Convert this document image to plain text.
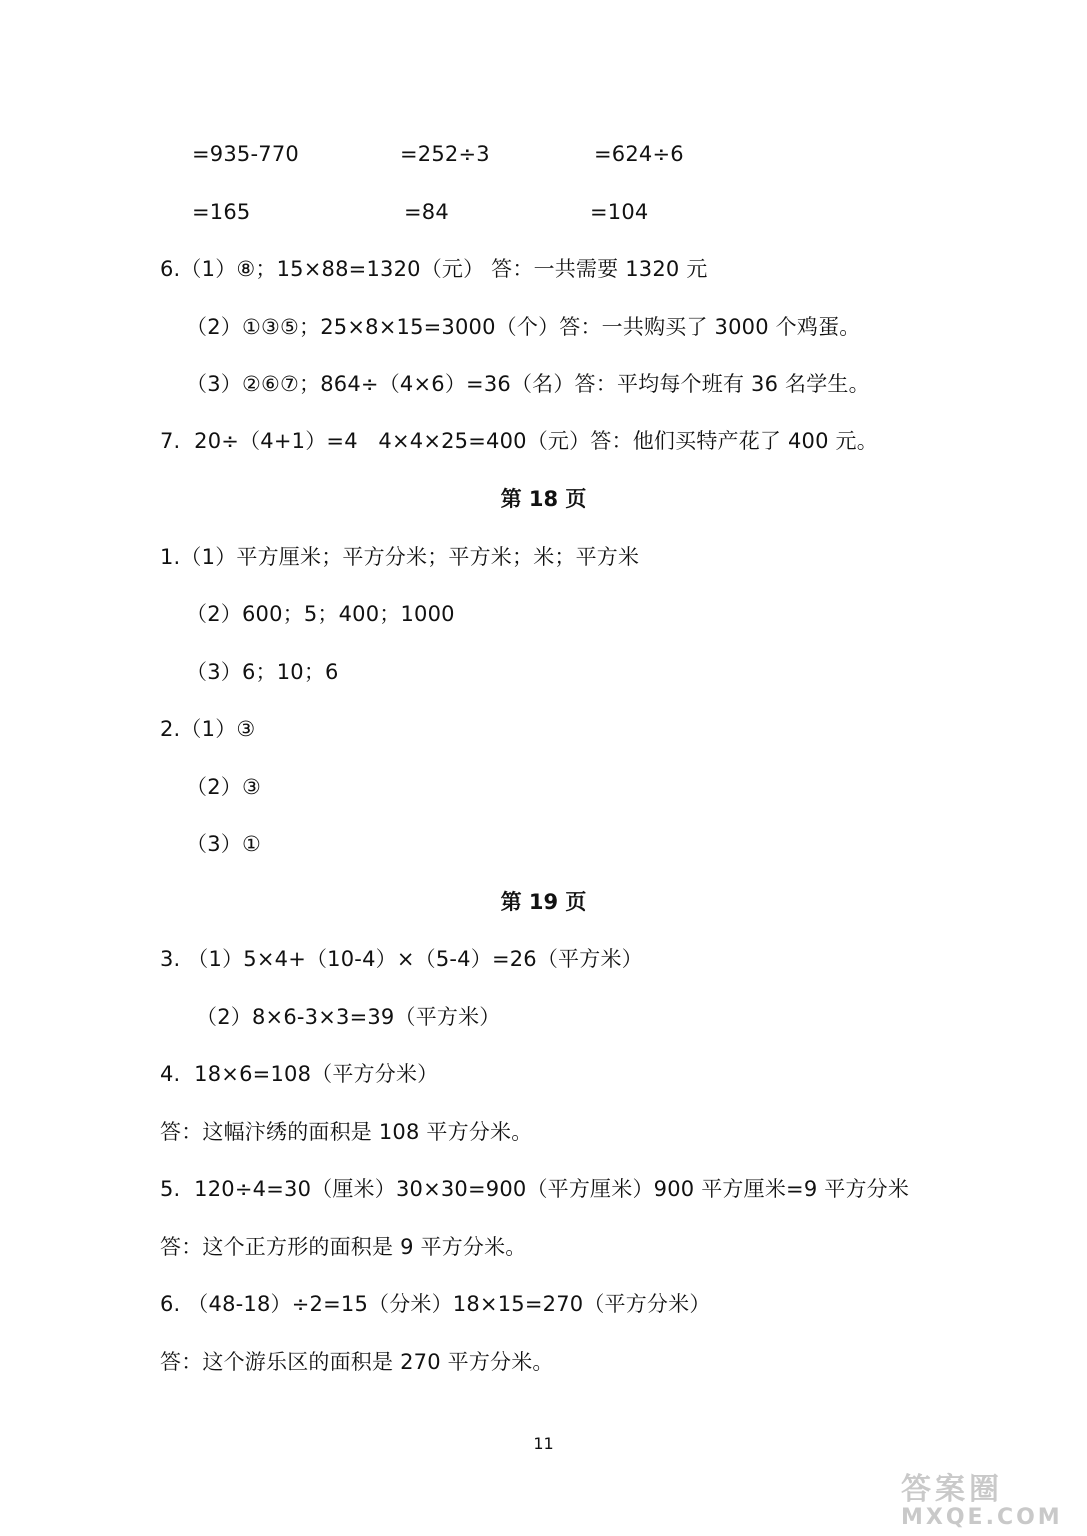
=935-770	=252÷3	=624÷6
=165	=84	=104
6.（1）⑧；15×88=1320（元） 答：一共需要 1320 元
（2）①③⑤；25×8×15=3000（个）答：一共购买了 3000 个鸡蛋。
（3）②⑥⑦；864÷（4×6）=36（名）答：平均每个班有 36 名学生。
7.  20÷（4+1）=4   4×4×25=400（元）答：他们买特产花了 400 元。
第 18 页
1.（1）平方厘米；平方分米；平方米；米；平方米
（2）600；5；400；1000
（3）6；10；6
2.（1）③
（2）③
（3）①
第 19 页
3. （1）5×4+（10-4）×（5-4）=26（平方米）
（2）8×6-3×3=39（平方米）
4.  18×6=108（平方分米）
答：这幅汴绣的面积是 108 平方分米。
5.  120÷4=30（厘米）30×30=900（平方厘米）900 平方厘米=9 平方分米
答：这个正方形的面积是 9 平方分米。
6. （48-18）÷2=15（分米）18×15=270（平方分米）
答：这个游乐区的面积是 270 平方分米。
11
答案圈
MXQE.COM
